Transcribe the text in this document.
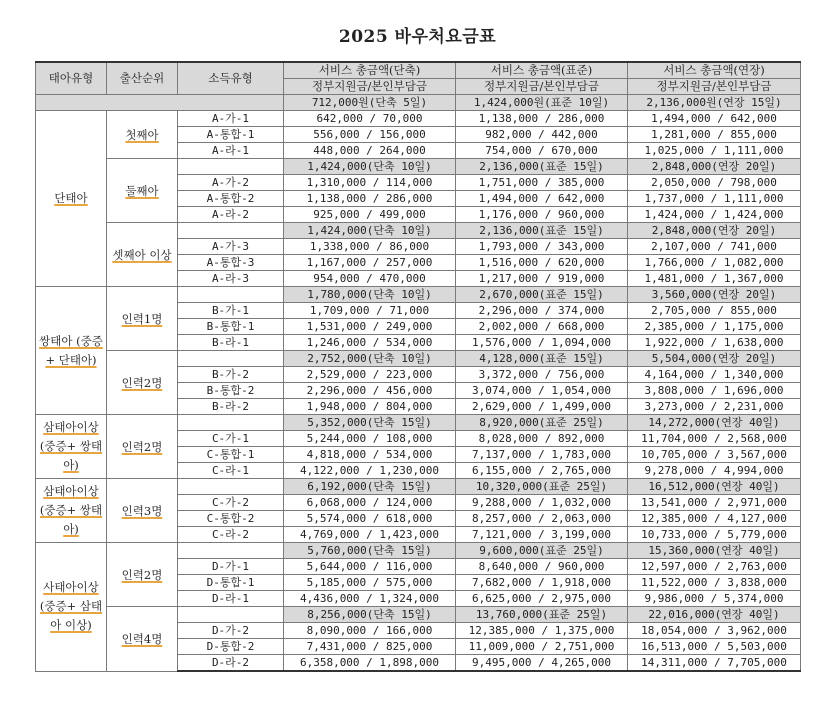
2025 바우처요금표
태아유형	출산순위	소득유형	서비스 총금액(단축)	서비스 총금액(표준)	서비스 총금액(연장)
			정부지원금/본인부담금	정부지원금/본인부담금	정부지원금/본인부담금
			712,000원(단축 5일)	1,424,000원(표준 10일)	2,136,000원(연장 15일)
단태아	첫째아	A-가-1	642,000 / 70,000	1,138,000 / 286,000	1,494,000 / 642,000
		A-통합-1	556,000 / 156,000	982,000 / 442,000	1,281,000 / 855,000
		A-라-1	448,000 / 264,000	754,000 / 670,000	1,025,000 / 1,111,000
	둘째아		1,424,000(단축 10일)	2,136,000(표준 15일)	2,848,000(연장 20일)
		A-가-2	1,310,000 / 114,000	1,751,000 / 385,000	2,050,000 / 798,000
		A-통합-2	1,138,000 / 286,000	1,494,000 / 642,000	1,737,000 / 1,111,000
		A-라-2	925,000 / 499,000	1,176,000 / 960,000	1,424,000 / 1,424,000
	셋째아 이상		1,424,000(단축 10일)	2,136,000(표준 15일)	2,848,000(연장 20일)
		A-가-3	1,338,000 / 86,000	1,793,000 / 343,000	2,107,000 / 741,000
		A-통합-3	1,167,000 / 257,000	1,516,000 / 620,000	1,766,000 / 1,082,000
		A-라-3	954,000 / 470,000	1,217,000 / 919,000	1,481,000 / 1,367,000
쌍태아 (중증+ 단태아)	인력1명		1,780,000(단축 10일)	2,670,000(표준 15일)	3,560,000(연장 20일)
		B-가-1	1,709,000 / 71,000	2,296,000 / 374,000	2,705,000 / 855,000
		B-통합-1	1,531,000 / 249,000	2,002,000 / 668,000	2,385,000 / 1,175,000
		B-라-1	1,246,000 / 534,000	1,576,000 / 1,094,000	1,922,000 / 1,638,000
	인력2명		2,752,000(단축 10일)	4,128,000(표준 15일)	5,504,000(연장 20일)
		B-가-2	2,529,000 / 223,000	3,372,000 / 756,000	4,164,000 / 1,340,000
		B-통합-2	2,296,000 / 456,000	3,074,000 / 1,054,000	3,808,000 / 1,696,000
		B-라-2	1,948,000 / 804,000	2,629,000 / 1,499,000	3,273,000 / 2,231,000
삼태아이상 (중증+ 쌍태아)	인력2명		5,352,000(단축 15일)	8,920,000(표준 25일)	14,272,000(연장 40일)
		C-가-1	5,244,000 / 108,000	8,028,000 / 892,000	11,704,000 / 2,568,000
		C-통합-1	4,818,000 / 534,000	7,137,000 / 1,783,000	10,705,000 / 3,567,000
		C-라-1	4,122,000 / 1,230,000	6,155,000 / 2,765,000	9,278,000 / 4,994,000
삼태아이상 (중증+ 쌍태아)	인력3명		6,192,000(단축 15일)	10,320,000(표준 25일)	16,512,000(연장 40일)
		C-가-2	6,068,000 / 124,000	9,288,000 / 1,032,000	13,541,000 / 2,971,000
		C-통합-2	5,574,000 / 618,000	8,257,000 / 2,063,000	12,385,000 / 4,127,000
		C-라-2	4,769,000 / 1,423,000	7,121,000 / 3,199,000	10,733,000 / 5,779,000
사태아이상 (중증+ 삼태아 이상)	인력2명		5,760,000(단축 15일)	9,600,000(표준 25일)	15,360,000(연장 40일)
		D-가-1	5,644,000 / 116,000	8,640,000 / 960,000	12,597,000 / 2,763,000
		D-통합-1	5,185,000 / 575,000	7,682,000 / 1,918,000	11,522,000 / 3,838,000
		D-라-1	4,436,000 / 1,324,000	6,625,000 / 2,975,000	9,986,000 / 5,374,000
	인력4명		8,256,000(단축 15일)	13,760,000(표준 25일)	22,016,000(연장 40일)
		D-가-2	8,090,000 / 166,000	12,385,000 / 1,375,000	18,054,000 / 3,962,000
		D-통합-2	7,431,000 / 825,000	11,009,000 / 2,751,000	16,513,000 / 5,503,000
		D-라-2	6,358,000 / 1,898,000	9,495,000 / 4,265,000	14,311,000 / 7,705,000
